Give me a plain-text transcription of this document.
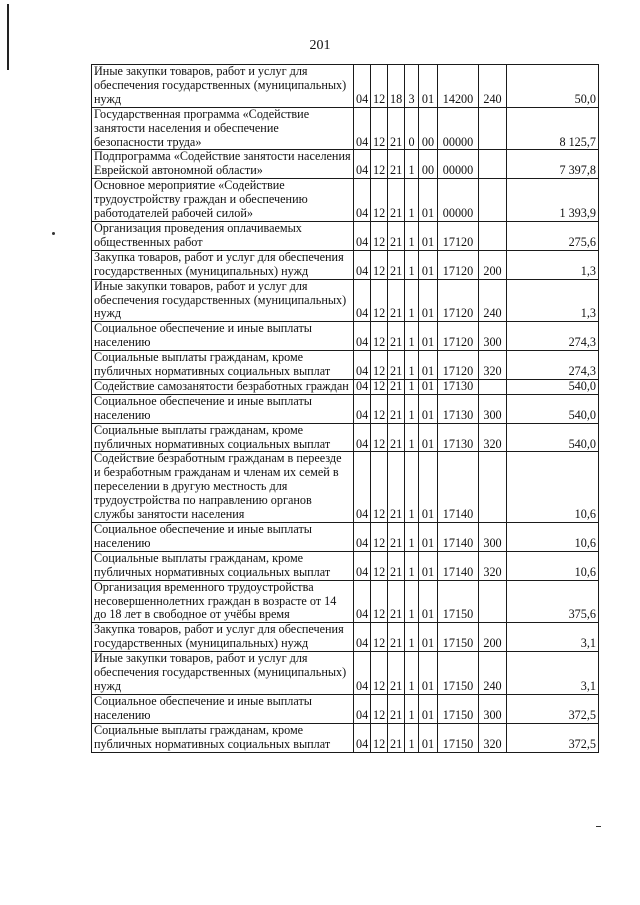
201
Иные закупки товаров, работ и услуг для обеспечения государственных (муниципальных) нужд	04	12	18	3	01	14200	240	50,0
Государственная программа «Содействие занятости населения и обеспечение безопасности труда»	04	12	21	0	00	00000		8 125,7
Подпрограмма «Содействие занятости населения Еврейской автономной области»	04	12	21	1	00	00000		7 397,8
Основное мероприятие «Содействие трудоустройству граждан и обеспечению работодателей рабочей силой»	04	12	21	1	01	00000		1 393,9
Организация проведения оплачиваемых общественных работ	04	12	21	1	01	17120		275,6
Закупка товаров, работ и услуг для обеспечения государственных (муниципальных) нужд	04	12	21	1	01	17120	200	1,3
Иные закупки товаров, работ и услуг для обеспечения государственных (муниципальных) нужд	04	12	21	1	01	17120	240	1,3
Социальное обеспечение и иные выплаты населению	04	12	21	1	01	17120	300	274,3
Социальные выплаты гражданам, кроме публичных нормативных социальных выплат	04	12	21	1	01	17120	320	274,3
Содействие самозанятости безработных граждан	04	12	21	1	01	17130		540,0
Социальное обеспечение и иные выплаты населению	04	12	21	1	01	17130	300	540,0
Социальные выплаты гражданам, кроме публичных нормативных социальных выплат	04	12	21	1	01	17130	320	540,0
Содействие безработным гражданам в переезде и безработным гражданам и членам их семей в переселении в другую местность для трудоустройства по направлению органов службы занятости населения	04	12	21	1	01	17140		10,6
Социальное обеспечение и иные выплаты населению	04	12	21	1	01	17140	300	10,6
Социальные выплаты гражданам, кроме публичных нормативных социальных выплат	04	12	21	1	01	17140	320	10,6
Организация временного трудоустройства несовершеннолетних граждан в возрасте от 14 до 18 лет в свободное от учёбы время	04	12	21	1	01	17150		375,6
Закупка товаров, работ и услуг для обеспечения государственных (муниципальных) нужд	04	12	21	1	01	17150	200	3,1
Иные закупки товаров, работ и услуг для обеспечения государственных (муниципальных) нужд	04	12	21	1	01	17150	240	3,1
Социальное обеспечение и иные выплаты населению	04	12	21	1	01	17150	300	372,5
Социальные выплаты гражданам, кроме публичных нормативных социальных выплат	04	12	21	1	01	17150	320	372,5
